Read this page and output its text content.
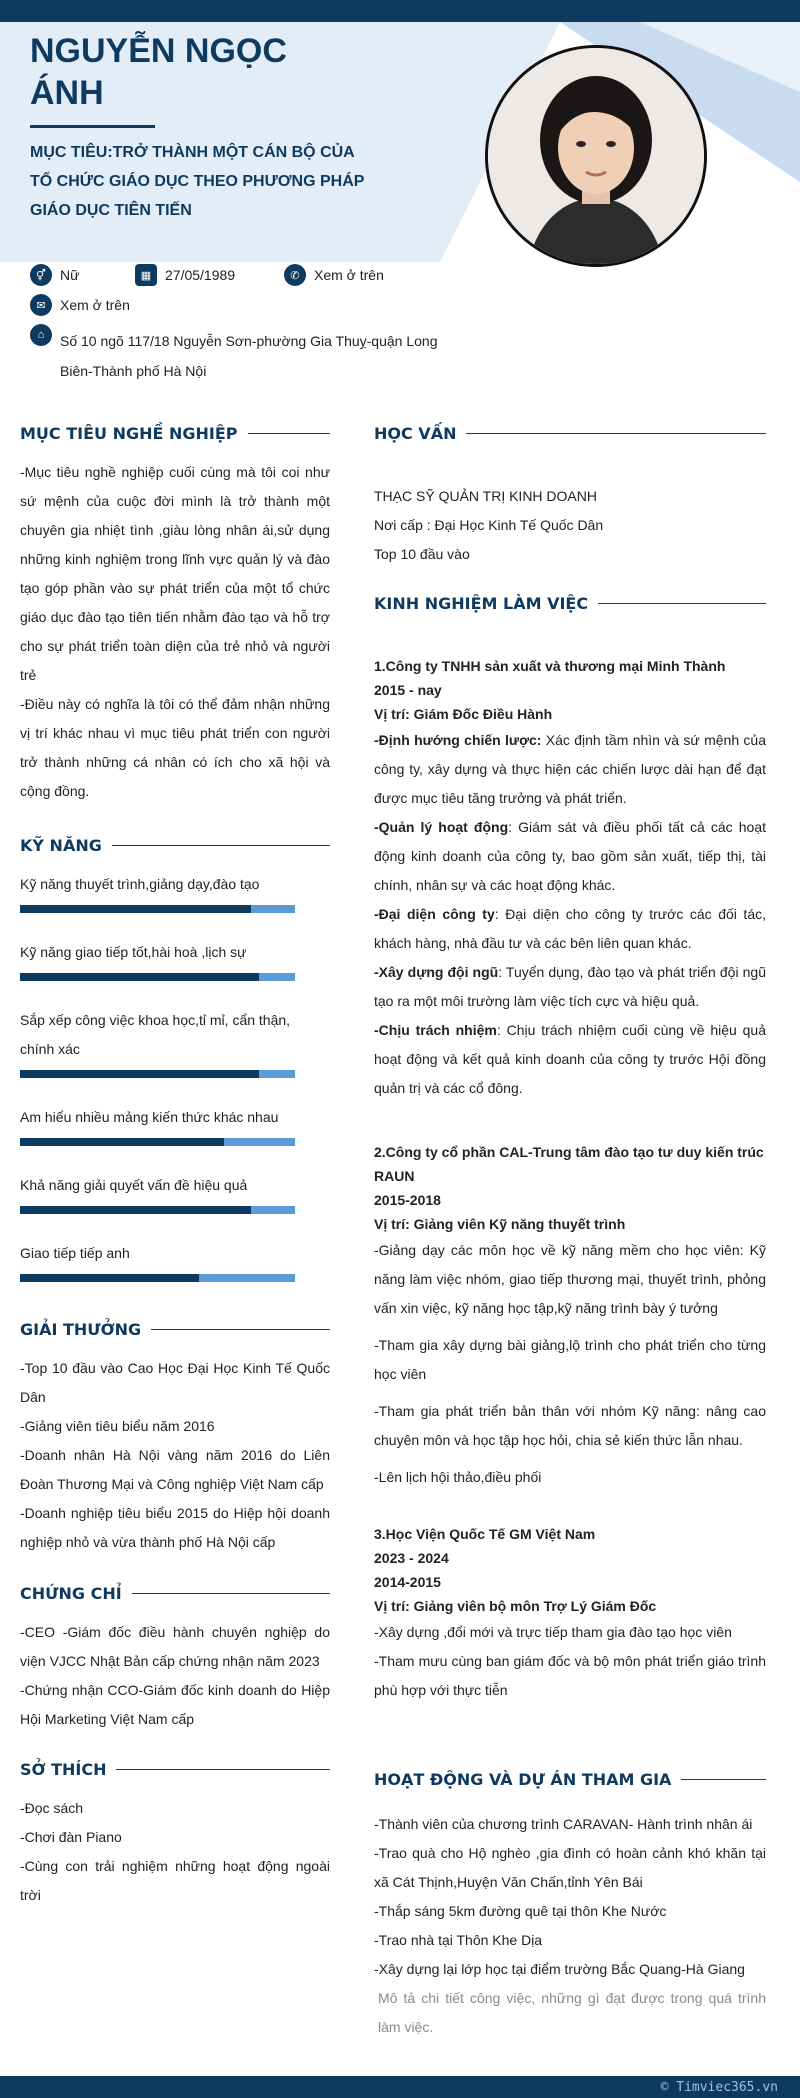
NGUYỄN NGỌC ÁNH
MỤC TIÊU:TRỞ THÀNH MỘT CÁN BỘ CỦA TỔ CHỨC GIÁO DỤC THEO PHƯƠNG PHÁP GIÁO DỤC TIÊN TIẾN
⚥	Nữ	▦ 27/05/1989	✆	Xem ở trên
✉	Xem ở trên
⌂	Số 10 ngõ 117/18 Nguyễn Sơn-phường Gia Thuỵ-quận Long Biên-Thành phố Hà Nội
MỤC TIÊU NGHỀ NGHIỆP

-Mục tiêu nghề nghiệp cuối cùng mà tôi coi như sứ mệnh của cuộc đời mình là trở thành một chuyên gia nhiệt tình ,giàu lòng nhân ái,sử dụng những kinh nghiệm trong lĩnh vực quản lý và đào tạo góp phần vào sự phát triển của một tổ chức giáo dục đào tạo tiên tiến nhằm đào tạo và hỗ trợ cho sự phát triển toàn diện của trẻ nhỏ và người trẻ

-Điều này có nghĩa là tôi có thể đảm nhận những vị trí khác nhau vì mục tiêu phát triển con người trở thành những cá nhân có ích cho xã hội và cộng đồng.

KỸ NĂNG
Kỹ năng thuyết trình,giảng dạy,đào tạo
Kỹ năng giao tiếp tốt,hài hoà ,lịch sự
Sắp xếp công việc khoa học,tỉ mỉ, cẩn thận, chính xác
Am hiểu nhiều mảng kiến thức khác nhau
Khả năng giải quyết vấn đề hiệu quả
Giao tiếp tiếp anh
GIẢI THƯỞNG

-Top 10 đầu vào Cao Học Đại Học Kinh Tế Quốc Dân

-Giảng viên tiêu biểu năm 2016

-Doanh nhân Hà Nội vàng năm 2016 do Liên Đoàn Thương Mại và Công nghiệp Việt Nam cấp

-Doanh nghiệp tiêu biểu 2015 do Hiệp hội doanh nghiệp nhỏ và vừa thành phố Hà Nội cấp

CHỨNG CHỈ

-CEO -Giám đốc điều hành chuyên nghiệp do viện VJCC Nhật Bản cấp chứng nhận năm 2023

-Chứng nhận CCO-Giám đốc kinh doanh do Hiệp Hội Marketing Việt Nam cấp

SỞ THÍCH

-Đọc sách

-Chơi đàn Piano

-Cùng con trải nghiệm những hoạt động ngoài trời

HỌC VẤN
THẠC SỸ QUẢN TRỊ KINH DOANH
Nơi cấp : Đại Học Kinh Tế Quốc Dân
Top 10 đầu vào
KINH NGHIỆM LÀM VIỆC
1.Công ty TNHH sản xuất và thương mại Minh Thành
2015 - nay
Vị trí: Giám Đốc Điều Hành
-Định hướng chiến lược: Xác định tầm nhìn và sứ mệnh của công ty, xây dựng và thực hiện các chiến lược dài hạn để đạt được mục tiêu tăng trưởng và phát triển.
-Quản lý hoạt động: Giám sát và điều phối tất cả các hoạt động kinh doanh của công ty, bao gồm sản xuất, tiếp thị, tài chính, nhân sự và các hoạt động khác.
-Đại diện công ty: Đại diện cho công ty trước các đối tác, khách hàng, nhà đầu tư và các bên liên quan khác.
-Xây dựng đội ngũ: Tuyển dụng, đào tạo và phát triển đội ngũ tạo ra một môi trường làm việc tích cực và hiệu quả.
-Chịu trách nhiệm: Chịu trách nhiệm cuối cùng về hiệu quả hoạt động và kết quả kinh doanh của công ty trước Hội đồng quản trị và các cổ đông.
2.Công ty cổ phần CAL-Trung tâm đào tạo tư duy kiến trúc RAUN
2015-2018
Vị trí: Giảng viên Kỹ năng thuyết trình
-Giảng dạy các môn học về kỹ năng mềm cho học viên: Kỹ năng làm việc nhóm, giao tiếp thương mại, thuyết trình, phỏng vấn xin việc, kỹ năng học tập,kỹ năng trình bày ý tưởng
-Tham gia xây dựng bài giảng,lộ trình cho phát triển cho từng học viên
-Tham gia phát triển bản thân với nhóm Kỹ năng: nâng cao chuyên môn và học tập học hỏi, chia sẻ kiến thức lẫn nhau.
-Lên lịch hội thảo,điều phối
3.Học Viện Quốc Tế GM Việt Nam
2023 - 2024
2014-2015
Vị trí: Giảng viên bộ môn Trợ Lý Giám Đốc
-Xây dựng ,đổi mới và trực tiếp tham gia đào tạo học viên
-Tham mưu cùng ban giám đốc và bộ môn phát triển giáo trình phù hợp với thực tiễn
HOẠT ĐỘNG VÀ DỰ ÁN THAM GIA
-Thành viên của chương trình CARAVAN- Hành trình nhân ái
-Trao quà cho Hộ nghèo ,gia đình có hoàn cảnh khó khăn tại xã Cát Thịnh,Huyện Văn Chấn,tỉnh Yên Bái
-Thắp sáng 5km đường quê tại thôn Khe Nước
-Trao nhà tại Thôn Khe Dịa
-Xây dựng lại lớp học tại điểm trường Bắc Quang-Hà Giang
Mô tả chi tiết công việc, những gì đạt được trong quá trình làm việc.
© Timviec365.vn
